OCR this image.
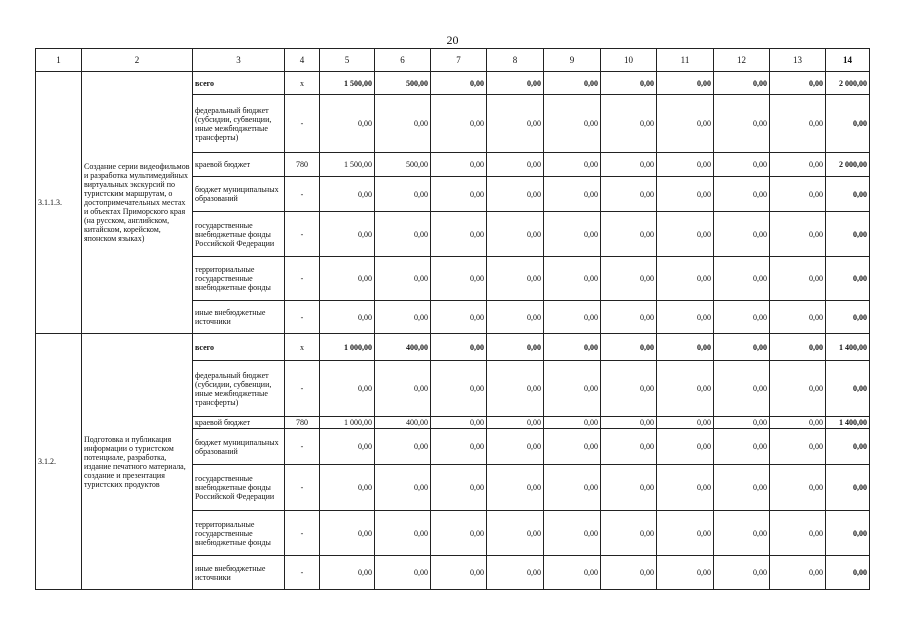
20
1	2	3	4	5	6	7	8	9	10	11	12	13	14
3.1.1.3.	Создание серии видеофильмов и разработка мультимедийных виртуальных экскурсий по туристским маршрутам, о достопримечательных местах и объектах Приморского края (на русском, английском, китайском, корейском, японском языках)	всего	х	1 500,00	500,00	0,00	0,00	0,00	0,00	0,00	0,00	0,00	2 000,00
		федеральный бюджет (субсидии, субвенции, иные межбюджетные трансферты)	-	0,00	0,00	0,00	0,00	0,00	0,00	0,00	0,00	0,00	0,00
		краевой бюджет	780	1 500,00	500,00	0,00	0,00	0,00	0,00	0,00	0,00	0,00	2 000,00
		бюджет муниципальных образований	-	0,00	0,00	0,00	0,00	0,00	0,00	0,00	0,00	0,00	0,00
		государственные внебюджетные фонды Российской Федерации	-	0,00	0,00	0,00	0,00	0,00	0,00	0,00	0,00	0,00	0,00
		территориальные государственные внебюджетные фонды	-	0,00	0,00	0,00	0,00	0,00	0,00	0,00	0,00	0,00	0,00
		иные внебюджетные источники	-	0,00	0,00	0,00	0,00	0,00	0,00	0,00	0,00	0,00	0,00
3.1.2.	Подготовка и публикация информации о туристском потенциале, разработка, издание печатного материала, создание и презентация туристских продуктов	всего	х	1 000,00	400,00	0,00	0,00	0,00	0,00	0,00	0,00	0,00	1 400,00
		федеральный бюджет (субсидии, субвенции, иные межбюджетные трансферты)	-	0,00	0,00	0,00	0,00	0,00	0,00	0,00	0,00	0,00	0,00
		краевой бюджет	780	1 000,00	400,00	0,00	0,00	0,00	0,00	0,00	0,00	0,00	1 400,00
		бюджет муниципальных образований	-	0,00	0,00	0,00	0,00	0,00	0,00	0,00	0,00	0,00	0,00
		государственные внебюджетные фонды Российской Федерации	-	0,00	0,00	0,00	0,00	0,00	0,00	0,00	0,00	0,00	0,00
		территориальные государственные внебюджетные фонды	-	0,00	0,00	0,00	0,00	0,00	0,00	0,00	0,00	0,00	0,00
		иные внебюджетные источники	-	0,00	0,00	0,00	0,00	0,00	0,00	0,00	0,00	0,00	0,00
